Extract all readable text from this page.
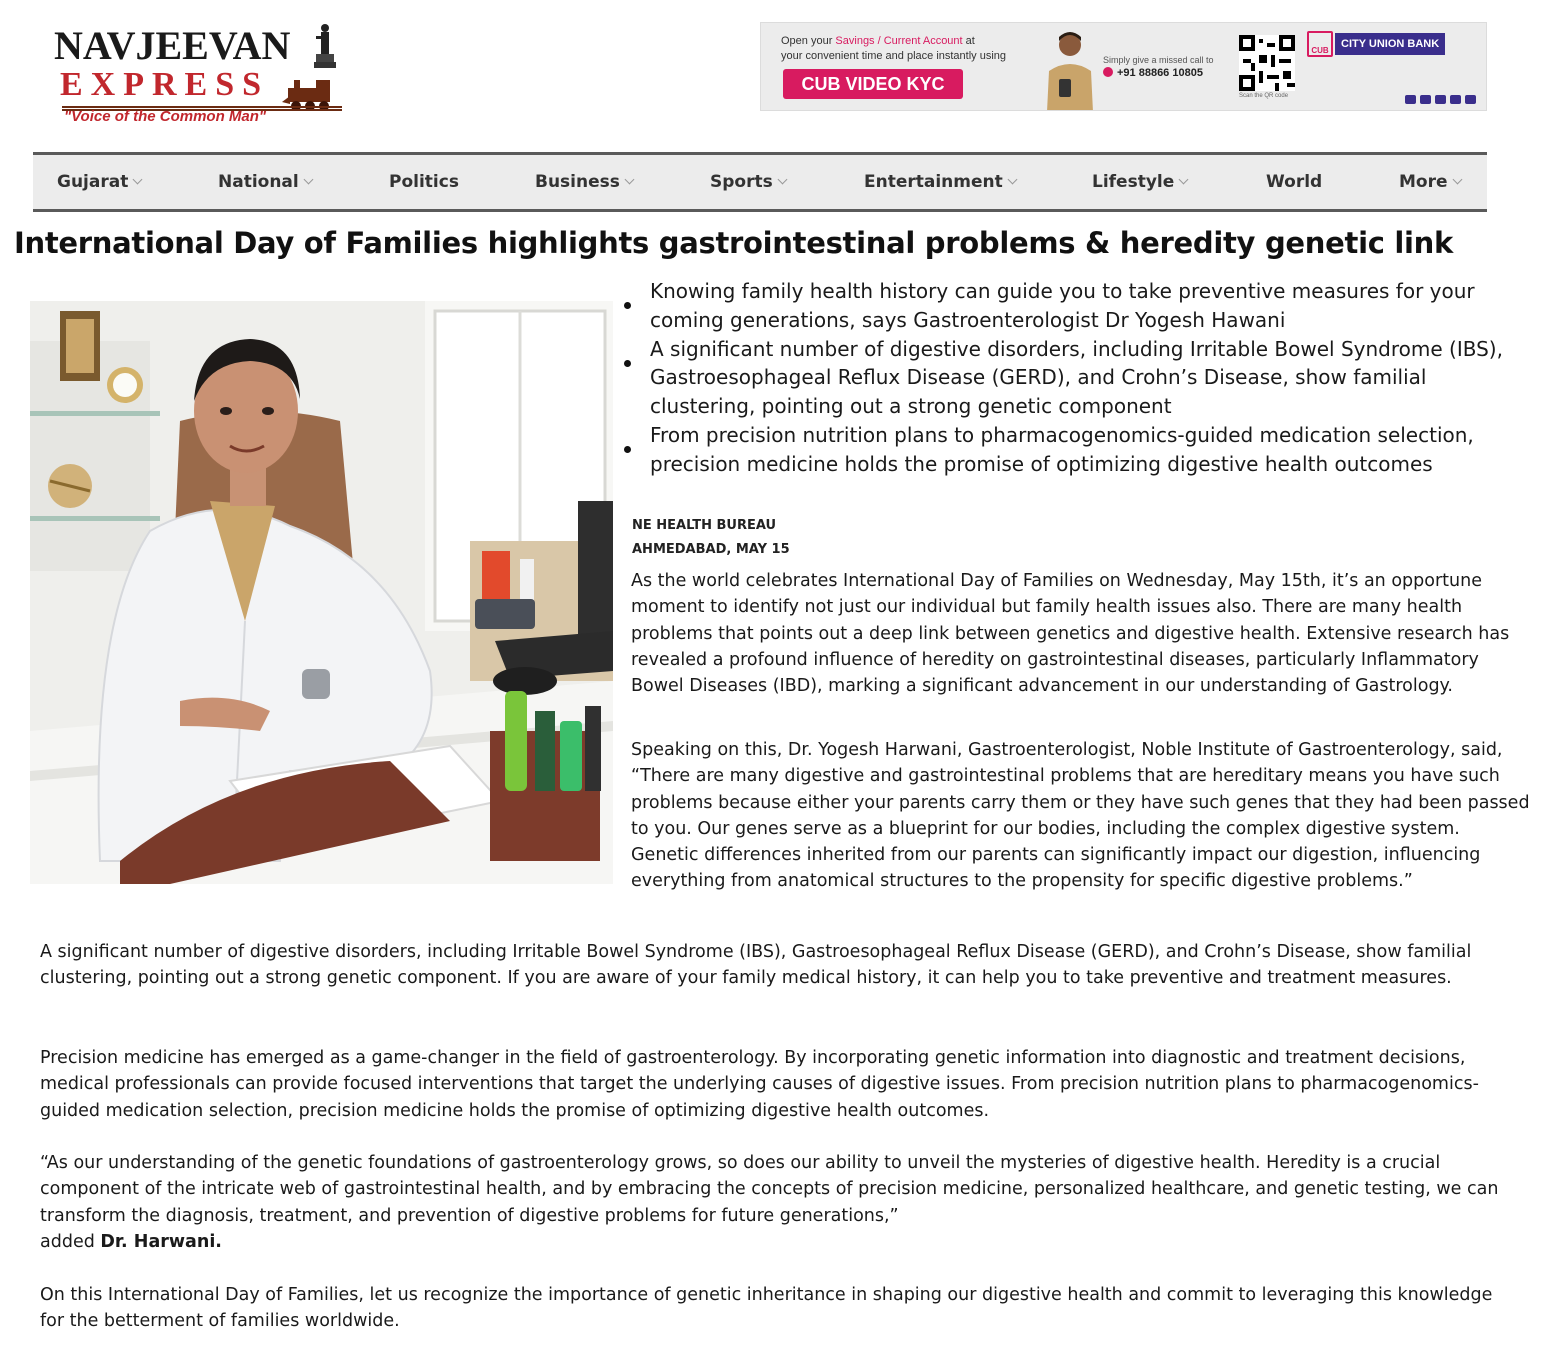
NAVJEEVAN
EXPRESS
"Voice of the Common Man"
Open your Savings / Current Account at
your convenient time and place instantly using
CUB VIDEO KYC
Simply give a missed call to
+91 88866 10805
Scan the QR code
CUB
CITY UNION BANK
Gujarat	National	Politics	Business	Sports	Entertainment	Lifestyle	World	More
International Day of Families highlights gastrointestinal problems & heredity genetic link
Knowing family health history can guide you to take preventive measures for your coming generations, says Gastroenterologist Dr Yogesh Hawani
A significant number of digestive disorders, including Irritable Bowel Syndrome (IBS), Gastroesophageal Reflux Disease (GERD), and Crohn’s Disease, show familial clustering, pointing out a strong genetic component
From precision nutrition plans to pharmacogenomics-guided medication selection, precision medicine holds the promise of optimizing digestive health outcomes
NE HEALTH BUREAU
AHMEDABAD, MAY 15

As the world celebrates International Day of Families on Wednesday, May 15th, it’s an opportune moment to identify not just our individual but family health issues also. There are many health problems that points out a deep link between genetics and digestive health. Extensive research has revealed a profound influence of heredity on gastrointestinal diseases, particularly Inflammatory Bowel Diseases (IBD), marking a significant advancement in our understanding of Gastrology.

Speaking on this, Dr. Yogesh Harwani, Gastroenterologist, Noble Institute of Gastroenterology, said, “There are many digestive and gastrointestinal problems that are hereditary means you have such problems because either your parents carry them or they have such genes that they had been passed to you. Our genes serve as a blueprint for our bodies, including the complex digestive system. Genetic differences inherited from our parents can significantly impact our digestion, influencing everything from anatomical structures to the propensity for specific digestive problems.”

A significant number of digestive disorders, including Irritable Bowel Syndrome (IBS), Gastroesophageal Reflux Disease (GERD), and Crohn’s Disease, show familial clustering, pointing out a strong genetic component. If you are aware of your family medical history, it can help you to take preventive and treatment measures.

Precision medicine has emerged as a game-changer in the field of gastroenterology. By incorporating genetic information into diagnostic and treatment decisions, medical professionals can provide focused interventions that target the underlying causes of digestive issues. From precision nutrition plans to pharmacogenomics-guided medication selection, precision medicine holds the promise of optimizing digestive health outcomes.

“As our understanding of the genetic foundations of gastroenterology grows, so does our ability to unveil the mysteries of digestive health. Heredity is a crucial component of the intricate web of gastrointestinal health, and by embracing the concepts of precision medicine, personalized healthcare, and genetic testing, we can transform the diagnosis, treatment, and prevention of digestive problems for future generations,”
added Dr. Harwani.

On this International Day of Families, let us recognize the importance of genetic inheritance in shaping our digestive health and commit to leveraging this knowledge for the betterment of families worldwide.
